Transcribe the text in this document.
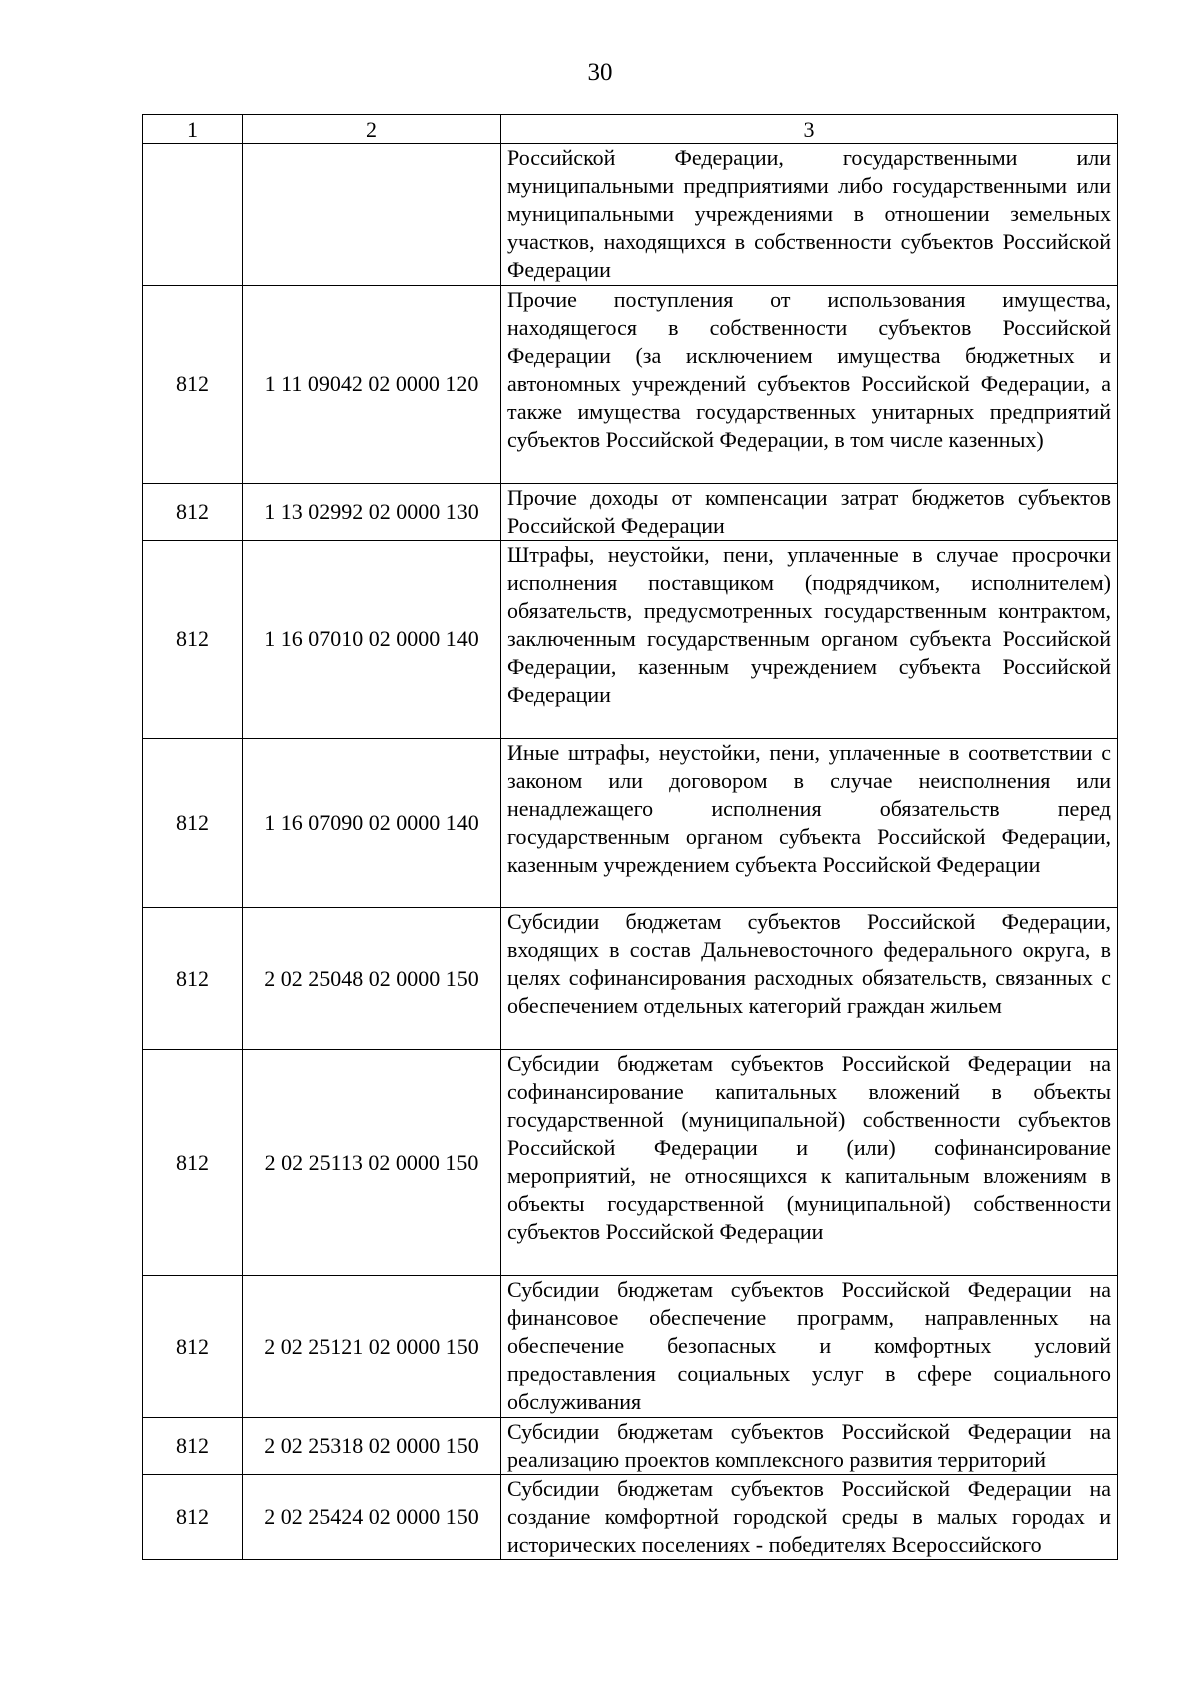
30
1	2	3
		Российской Федерации, государственными или муниципальными предприятиями либо государственными или муниципальными учреждениями в отношении земельных участков, находящихся в собственности субъектов Российской Федерации
812	1 11 09042 02 0000 120	Прочие поступления от использования имущества, находящегося в собственности субъектов Российской Федерации (за исключением имущества бюджетных и автономных учреждений субъектов Российской Федерации, а также имущества государственных унитарных предприятий субъектов Российской Федерации, в том числе казенных)
812	1 13 02992 02 0000 130	Прочие доходы от компенсации затрат бюджетов субъектов Российской Федерации
812	1 16 07010 02 0000 140	Штрафы, неустойки, пени, уплаченные в случае просрочки исполнения поставщиком (подрядчиком, исполнителем) обязательств, предусмотренных государственным контрактом, заключенным государственным органом субъекта Российской Федерации, казенным учреждением субъекта Российской Федерации
812	1 16 07090 02 0000 140	Иные штрафы, неустойки, пени, уплаченные в соответствии с законом или договором в случае неисполнения или ненадлежащего исполнения обязательств перед государственным органом субъекта Российской Федерации, казенным учреждением субъекта Российской Федерации
812	2 02 25048 02 0000 150	Субсидии бюджетам субъектов Российской Федерации, входящих в состав Дальневосточного федерального округа, в целях софинансирования расходных обязательств, связанных с обеспечением отдельных категорий граждан жильем
812	2 02 25113 02 0000 150	Субсидии бюджетам субъектов Российской Федерации на софинансирование капитальных вложений в объекты государственной (муниципальной) собственности субъектов Российской Федерации и (или) софинансирование мероприятий, не относящихся к капитальным вложениям в объекты государственной (муниципальной) собственности субъектов Российской Федерации
812	2 02 25121 02 0000 150	Субсидии бюджетам субъектов Российской Федерации на финансовое обеспечение программ, направленных на обеспечение безопасных и комфортных условий предоставления социальных услуг в сфере социального обслуживания
812	2 02 25318 02 0000 150	Субсидии бюджетам субъектов Российской Федерации на реализацию проектов комплексного развития территорий
812	2 02 25424 02 0000 150	Субсидии бюджетам субъектов Российской Федерации на создание комфортной городской среды в малых городах и исторических поселениях - победителях Всероссийского
